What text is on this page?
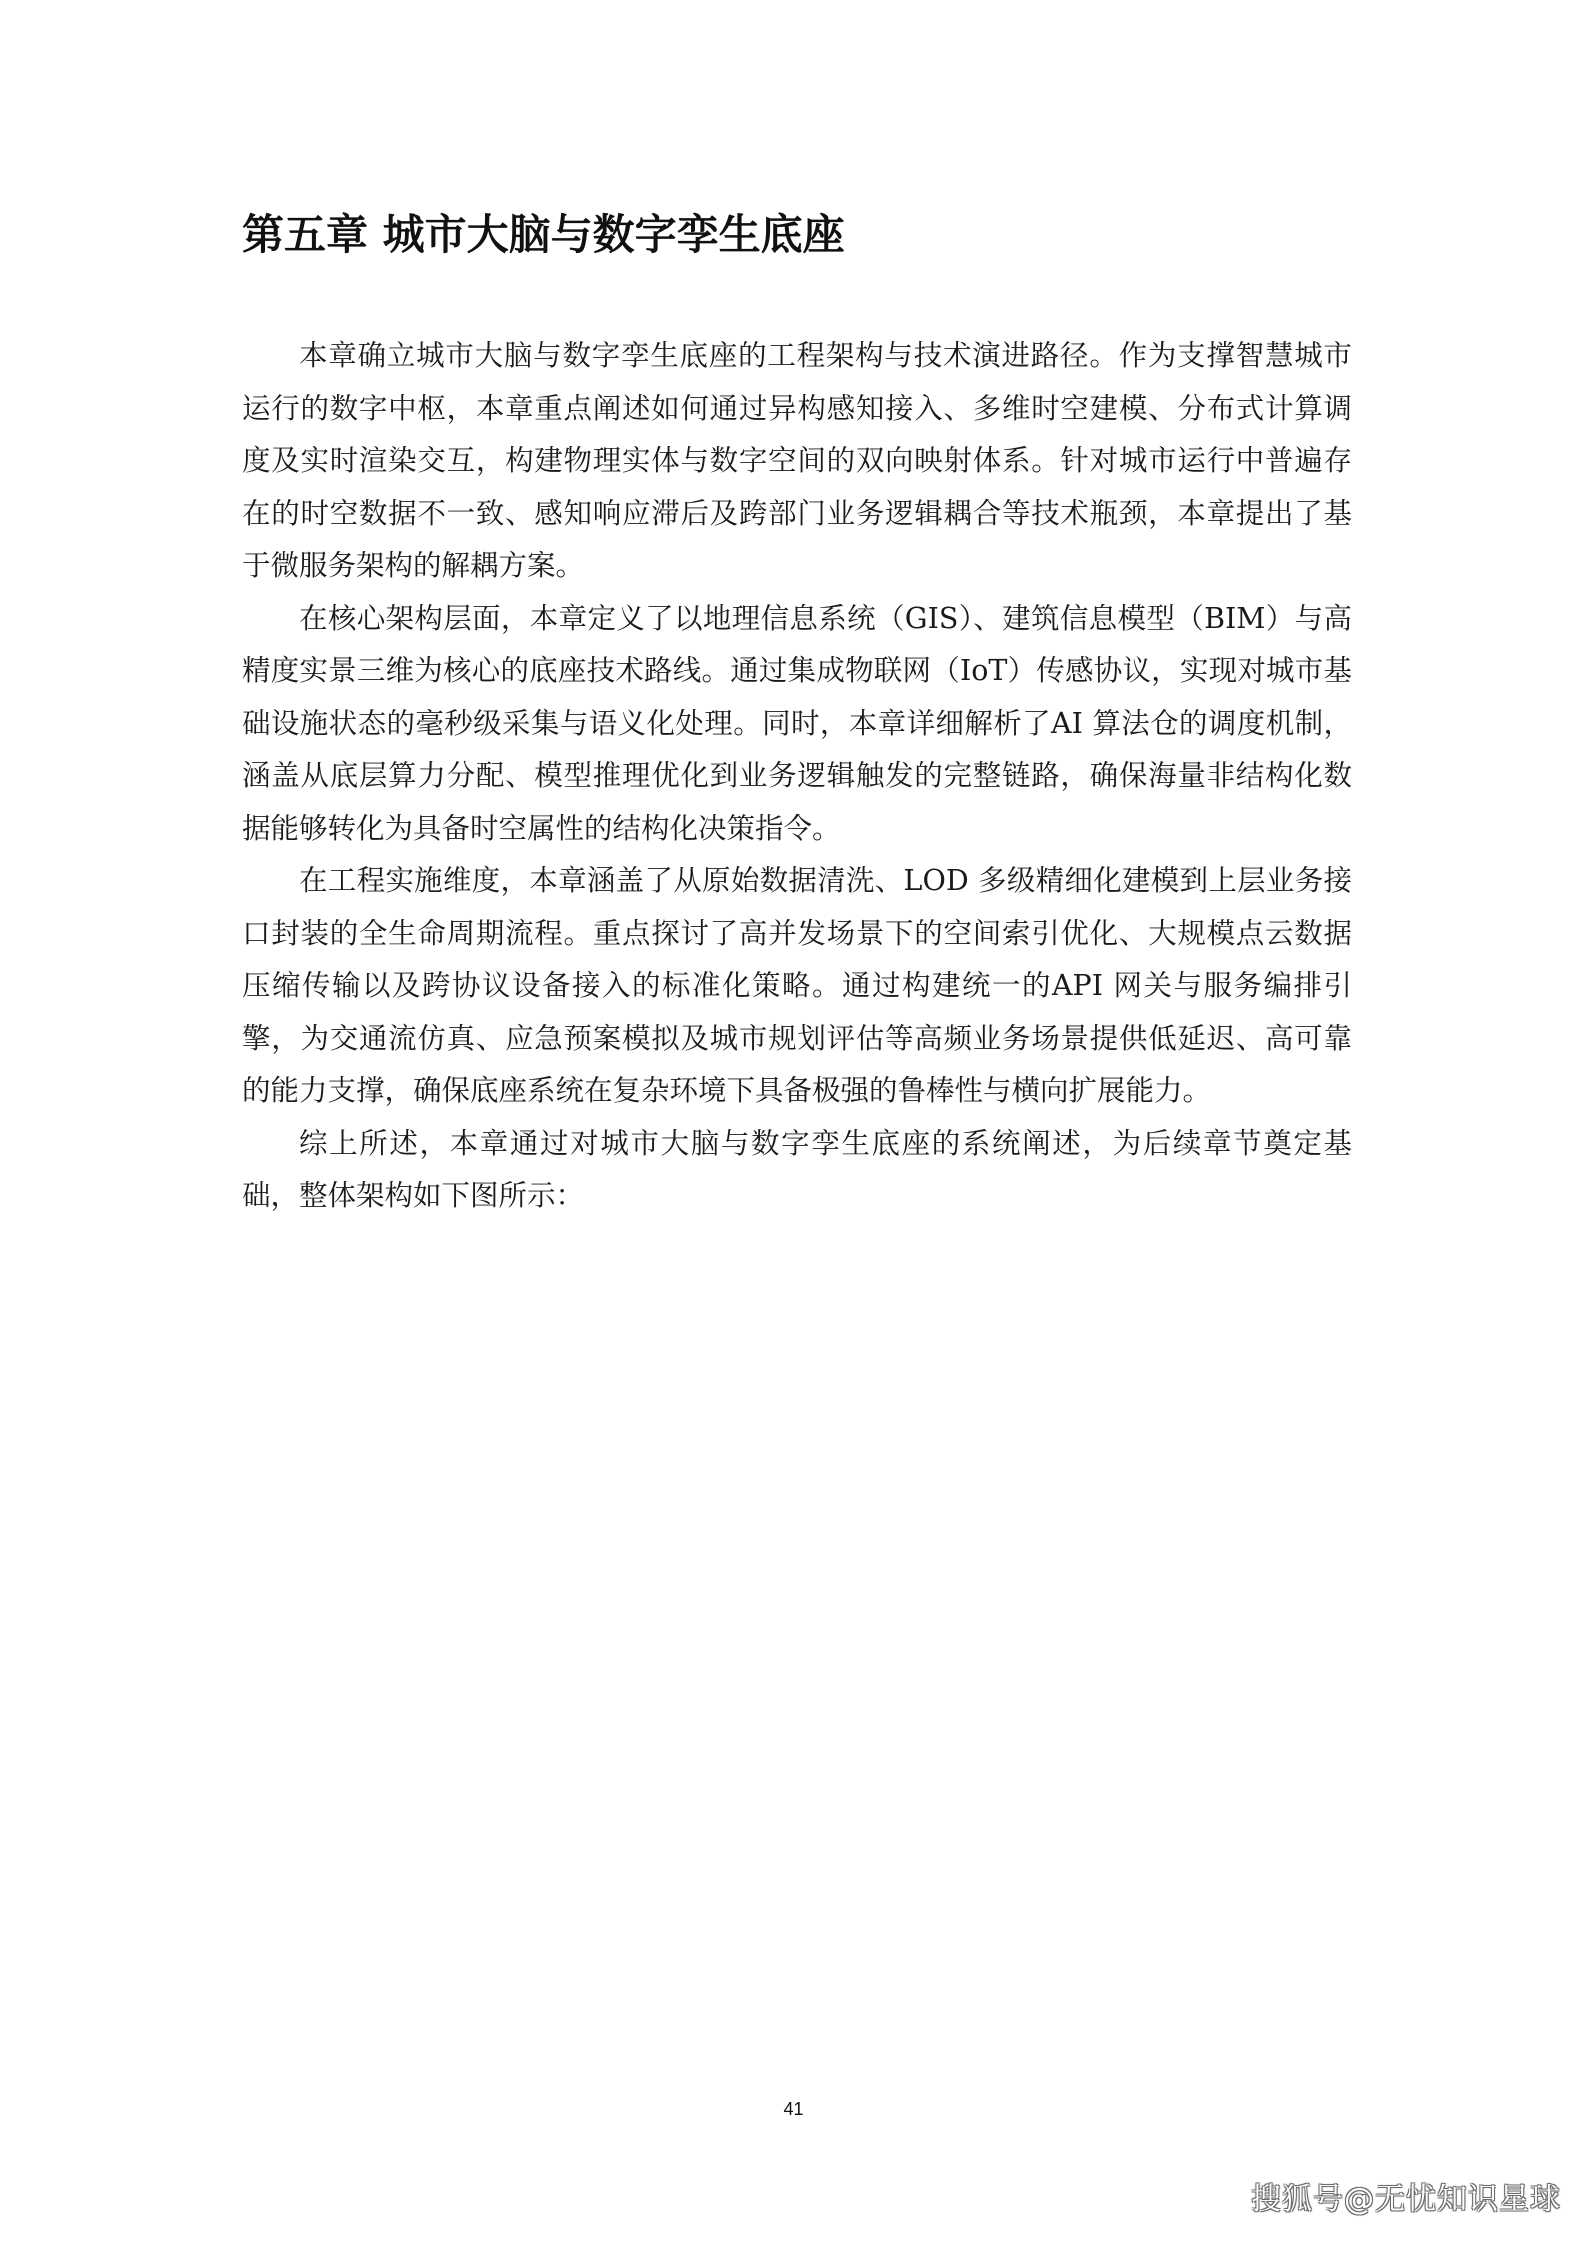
第五章 城市大脑与数字孪生底座

本章确立城市大脑与数字孪生底座的工程架构与技术演进路径。作为支撑智慧城市运行的数字中枢，本章重点阐述如何通过异构感知接入、多维时空建模、分布式计算调度及实时渲染交互，构建物理实体与数字空间的双向映射体系。针对城市运行中普遍存在的时空数据不一致、感知响应滞后及跨部门业务逻辑耦合等技术瓶颈，本章提出了基于微服务架构的解耦方案。

在核心架构层面，本章定义了以地理信息系统（GIS）、建筑信息模型（BIM）与高精度实景三维为核心的底座技术路线。通过集成物联网（IoT）传感协议，实现对城市基础设施状态的毫秒级采集与语义化处理。同时，本章详细解析了AI 算法仓的调度机制，涵盖从底层算力分配、模型推理优化到业务逻辑触发的完整链路，确保海量非结构化数据能够转化为具备时空属性的结构化决策指令。

在工程实施维度，本章涵盖了从原始数据清洗、LOD 多级精细化建模到上层业务接口封装的全生命周期流程。重点探讨了高并发场景下的空间索引优化、大规模点云数据压缩传输以及跨协议设备接入的标准化策略。通过构建统一的API 网关与服务编排引擎，为交通流仿真、应急预案模拟及城市规划评估等高频业务场景提供低延迟、高可靠的能力支撑，确保底座系统在复杂环境下具备极强的鲁棒性与横向扩展能力。

综上所述，本章通过对城市大脑与数字孪生底座的系统阐述，为后续章节奠定基础，整体架构如下图所示：

41
搜狐号@无忧知识星球
